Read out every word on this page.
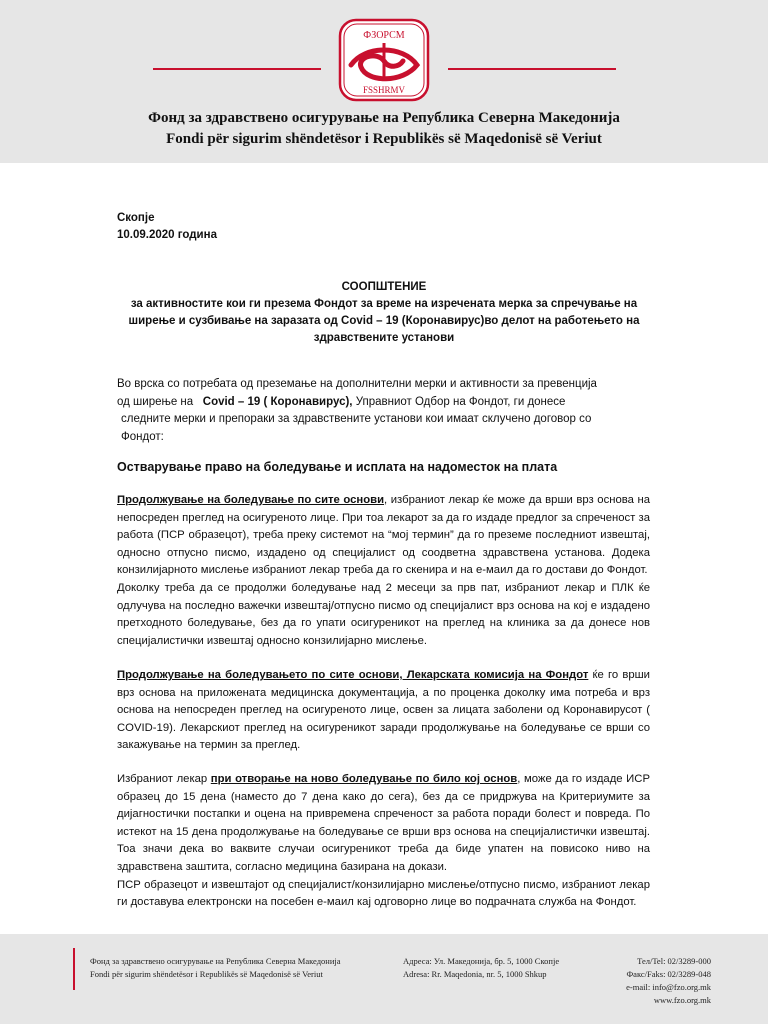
ФЗОРСМ
FSSHRMV
Фонд за здравствено осигурување на Република Северна Македонија
Fondi për sigurim shëndetësor i Republikës së Maqedonisë së Veriut
Скопје
10.09.2020 година
СООПШТЕНИЕ
за активностите кои ги презема Фондот за време на изречената мерка за спречување на
ширење и сузбивање на заразата од Covid – 19 (Коронавирус)во делот на работењето на
здравствените установи
Во врска со потребата од преземање на дополнителни мерки и активности за превенција
од ширење на Covid – 19 ( Коронавирус), Управниот Одбор на Фондот, ги донесе
следните мерки и препораки за здравствените установи кои имаат склучено договор со
Фондот:
Остварување право на боледување и исплата на надоместок на плата
Продолжување на боледување по сите основи, избраниот лекар ќе може да врши врз основа на непосреден преглед на осигуреното лице. При тоа лекарот за да го издаде предлог за спреченост за работа (ПСР образецот), треба преку системот на “мој термин” да го преземе последниот извештај, односно отпусно писмо, издадено од специјалист од соодветна здравствена установа. Додека конзилијарното мислење избраниот лекар треба да го скенира и на е-маил да го достави до Фондот.
Доколку треба да се продолжи боледување над 2 месеци за прв пат, избраниот лекар и ПЛК ќе одлучува на последно важечки извештај/отпусно писмо од специјалист врз основа на кој е издадено претходното боледување, без да го упати осигуреникот на преглед на клиника за да донесе нов специјалистички извештај односно конзилијарно мислење.
Продолжување на боледувањето по сите основи, Лекарската комисија на Фондот ќе го врши врз основа на приложената медицинска документација, а по проценка доколку има потреба и врз основа на непосреден преглед на осигуреното лице, освен за лицата заболени од Коронавирусот ( COVID-19). Лекарскиот преглед на осигуреникот заради продолжување на боледување се врши со закажување на термин за преглед.
Избраниот лекар при отворање на ново боледување по било кој основ, може да го издаде ИСР образец до 15 дена (наместо до 7 дена како до сега), без да се придржува на Критериумите за дијагностички постапки и оцена на привремена спреченост за работа поради болест и повреда. По истекот на 15 дена продолжување на боледување се врши врз основа на специјалистички извештај. Тоа значи дека во ваквите случаи осигуреникот треба да биде упатен на повисоко ниво на здравствена заштита, согласно медицина базирана на докази.
ПСР образецот и извештајот од специјалист/конзилијарно мислење/отпусно писмо, избраниот лекар ги доставува електронски на посебен е-маил кај одговорно лице во подрачната служба на Фондот.
Фонд за здравствено осигурување на Република Северна Македонија
Fondi për sigurim shëndetësor i Republikës së Maqedonisë së Veriut
Адреса: Ул. Македонија, бр. 5, 1000 Скопје
Adresa: Rr. Maqedonia, nr. 5, 1000 Shkup
Тел/Tel: 02/3289-000
Факс/Faks: 02/3289-048
e-mail: info@fzo.org.mk
www.fzo.org.mk
